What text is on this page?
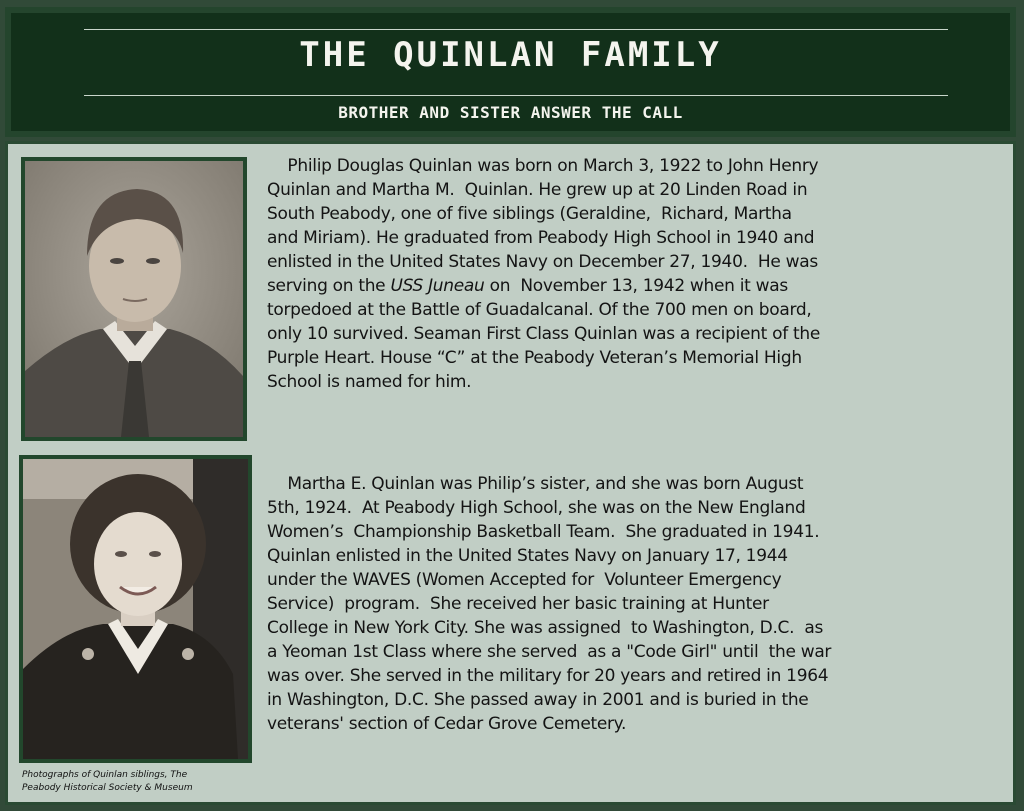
THE QUINLAN FAMILY
BROTHER AND SISTER ANSWER THE CALL
Photographs of Quinlan siblings, The
Peabody Historical Society & Museum
Philip Douglas Quinlan was born on March 3, 1922 to John Henry
Quinlan and Martha M.  Quinlan. He grew up at 20 Linden Road in
South Peabody, one of five siblings (Geraldine,  Richard, Martha
and Miriam). He graduated from Peabody High School in 1940 and
enlisted in the United States Navy on December 27, 1940.  He was
serving on the USS Juneau on  November 13, 1942 when it was
torpedoed at the Battle of Guadalcanal. Of the 700 men on board,
only 10 survived. Seaman First Class Quinlan was a recipient of the
Purple Heart. House “C” at the Peabody Veteran’s Memorial High
School is named for him.
Martha E. Quinlan was Philip’s sister, and she was born August
5th, 1924.  At Peabody High School, she was on the New England
Women’s  Championship Basketball Team.  She graduated in 1941.
Quinlan enlisted in the United States Navy on January 17, 1944
under the WAVES (Women Accepted for  Volunteer Emergency
Service)  program.  She received her basic training at Hunter
College in New York City. She was assigned  to Washington, D.C.  as
a Yeoman 1st Class where she served  as a "Code Girl" until  the war
was over. She served in the military for 20 years and retired in 1964
in Washington, D.C. She passed away in 2001 and is buried in the
veterans' section of Cedar Grove Cemetery.
